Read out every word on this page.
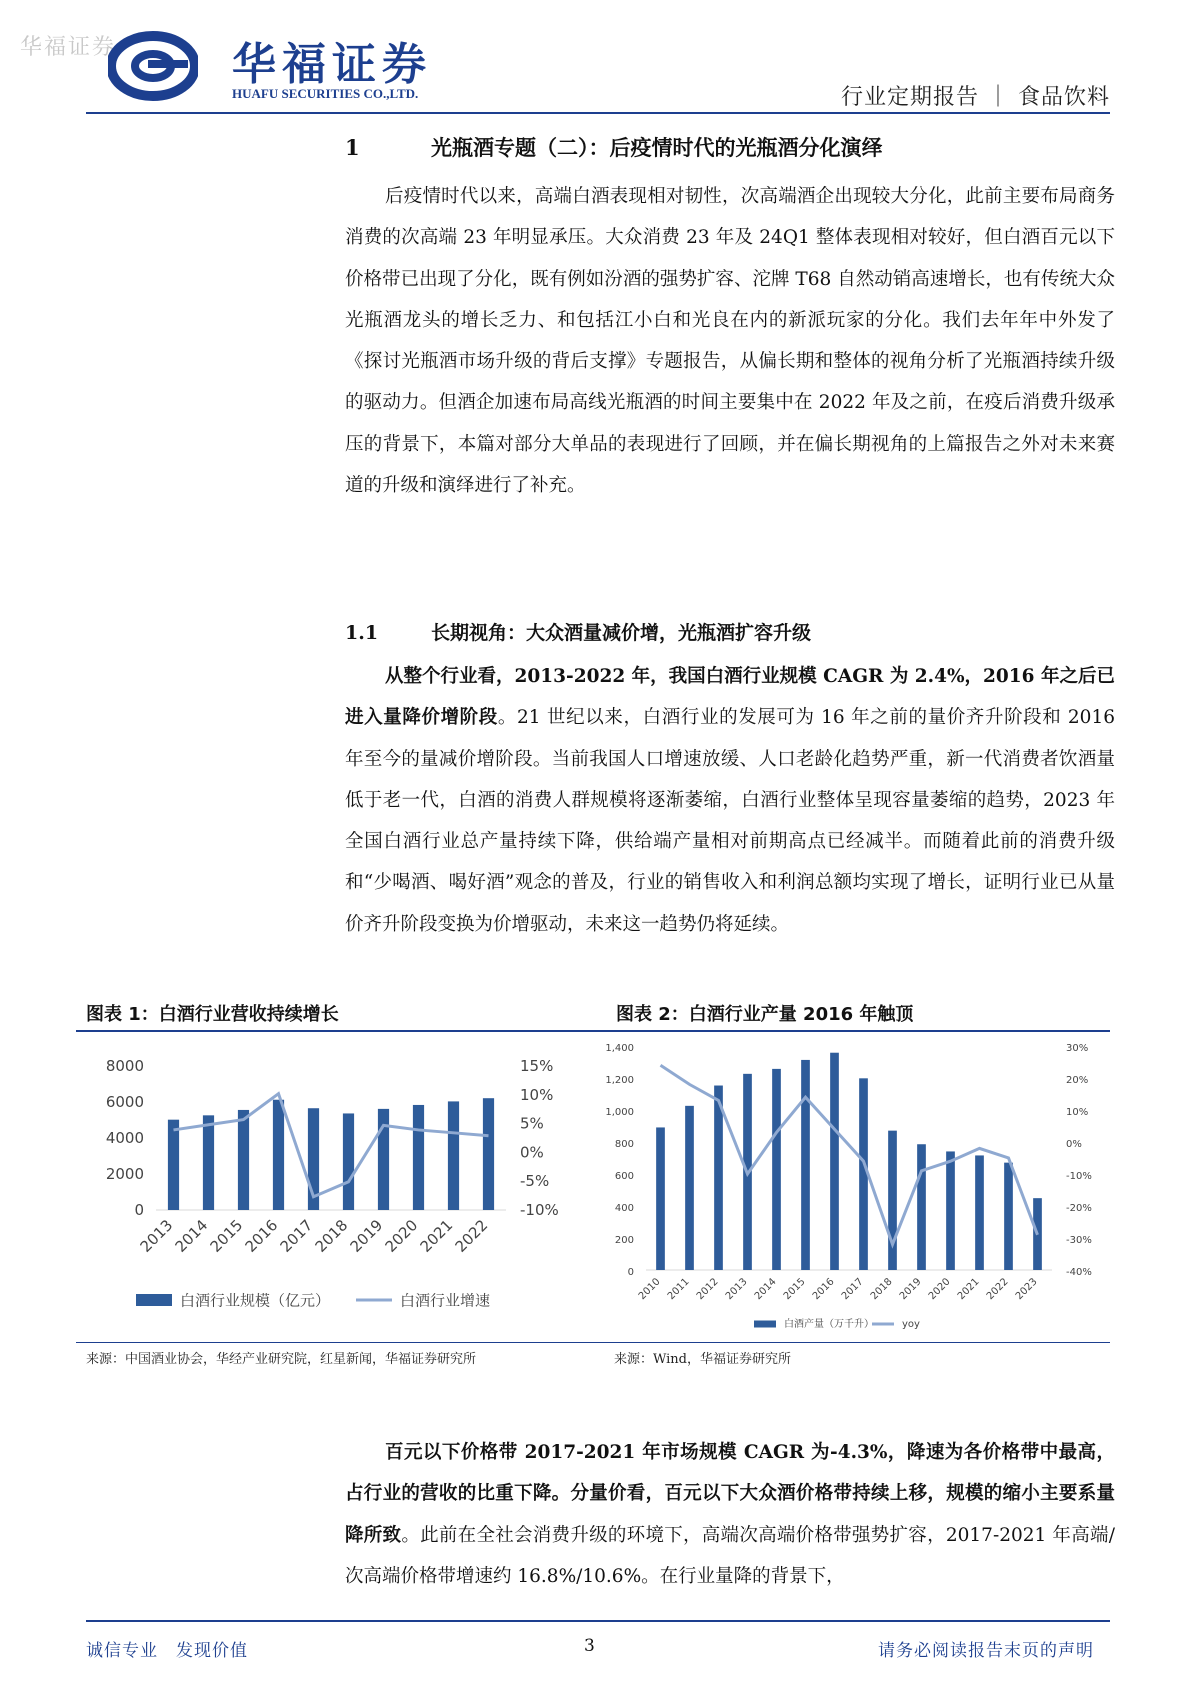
华福证券	华福证券
HUAFU SECURITIES CO.,LTD.	行业定期报告 ｜ 食品饮料
1	光瓶酒专题（二）：后疫情时代的光瓶酒分化演绎
后疫情时代以来，高端白酒表现相对韧性，次高端酒企出现较大分化，此前主要布局商务消费的次高端 23 年明显承压。大众消费 23 年及 24Q1 整体表现相对较好，但白酒百元以下价格带已出现了分化，既有例如汾酒的强势扩容、沱牌 T68 自然动销高速增长，也有传统大众光瓶酒龙头的增长乏力、和包括江小白和光良在内的新派玩家的分化。我们去年年中外发了《探讨光瓶酒市场升级的背后支撑》专题报告，从偏长期和整体的视角分析了光瓶酒持续升级的驱动力。但酒企加速布局高线光瓶酒的时间主要集中在 2022 年及之前，在疫后消费升级承压的背景下，本篇对部分大单品的表现进行了回顾，并在偏长期视角的上篇报告之外对未来赛道的升级和演绎进行了补充。
1.1	长期视角：大众酒量减价增，光瓶酒扩容升级
从整个行业看，2013-2022 年，我国白酒行业规模 CAGR 为 2.4%，2016 年之后已进入量降价增阶段。21 世纪以来，白酒行业的发展可为 16 年之前的量价齐升阶段和 2016 年至今的量减价增阶段。当前我国人口增速放缓、人口老龄化趋势严重，新一代消费者饮酒量低于老一代，白酒的消费人群规模将逐渐萎缩，白酒行业整体呈现容量萎缩的趋势，2023 年全国白酒行业总产量持续下降，供给端产量相对前期高点已经减半。而随着此前的消费升级和“少喝酒、喝好酒”观念的普及，行业的销售收入和利润总额均实现了增长，证明行业已从量价齐升阶段变换为价增驱动，未来这一趋势仍将延续。
图表 1：白酒行业营收持续增长
0
2000
4000
6000
8000
-10%
-5%
0%
5%
10%
15%
2013
2014
2015
2016
2017
2018
2019
2020
2021
2022
白酒行业规模（亿元）	白酒行业增速
来源：中国酒业协会，华经产业研究院，红星新闻，华福证券研究所
图表 2：白酒行业产量 2016 年触顶
0
200
400
600
800
1,000
1,200
1,400
-40%
-30%
-20%
-10%
0%
10%
20%
30%
2010 2011 2012 2013 2014 2015 2016 2017 2018 2019 2020 2021 2022 2023
白酒产量（万千升）	yoy
来源：Wind，华福证券研究所
百元以下价格带 2017-2021 年市场规模 CAGR 为-4.3%，降速为各价格带中最高，占行业的营收的比重下降。分量价看，百元以下大众酒价格带持续上移，规模的缩小主要系量降所致。此前在全社会消费升级的环境下，高端次高端价格带强势扩容，2017-2021 年高端/次高端价格带增速约 16.8%/10.6%。在行业量降的背景下，
诚信专业　发现价值	3	请务必阅读报告末页的声明
